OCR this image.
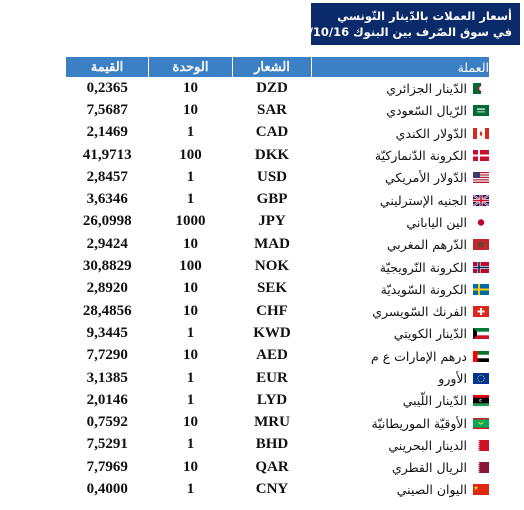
أسعار العملات بالدّينار التّونسي
في سوق الصّرف بين البنوك 2019/10/16
القيمة	الوحدة	الشعار	العملة
0,2365	10	DZD	الدّينار الجزائري
7,5687	10	SAR	الرّيال السّعودي
2,1469	1	CAD	الدّولار الكندي
41,9713	100	DKK	الكرونة الدّنماركيّة
2,8457	1	USD	الدّولار الأمريكي
3,6346	1	GBP	الجنيه الإسترليني
26,0998	1000	JPY	الين الياباني
2,9424	10	MAD	الدّرهم المغربي
30,8829	100	NOK	الكرونة النّرويجيّة
2,8920	10	SEK	الكرونة السّويديّة
28,4856	10	CHF	الفرنك السّويسري
9,3445	1	KWD	الدّينار الكويتي
7,7290	10	AED	درهم الإمارات ع م
3,1385	1	EUR	الأورو
2,0146	1	LYD	الدّينار اللّيبي
0,7592	10	MRU	الأوقيّة الموريطانيّة
7,5291	1	BHD	الدينار البحريني
7,7969	10	QAR	الريال القطري
0,4000	1	CNY	اليوان الصيني
